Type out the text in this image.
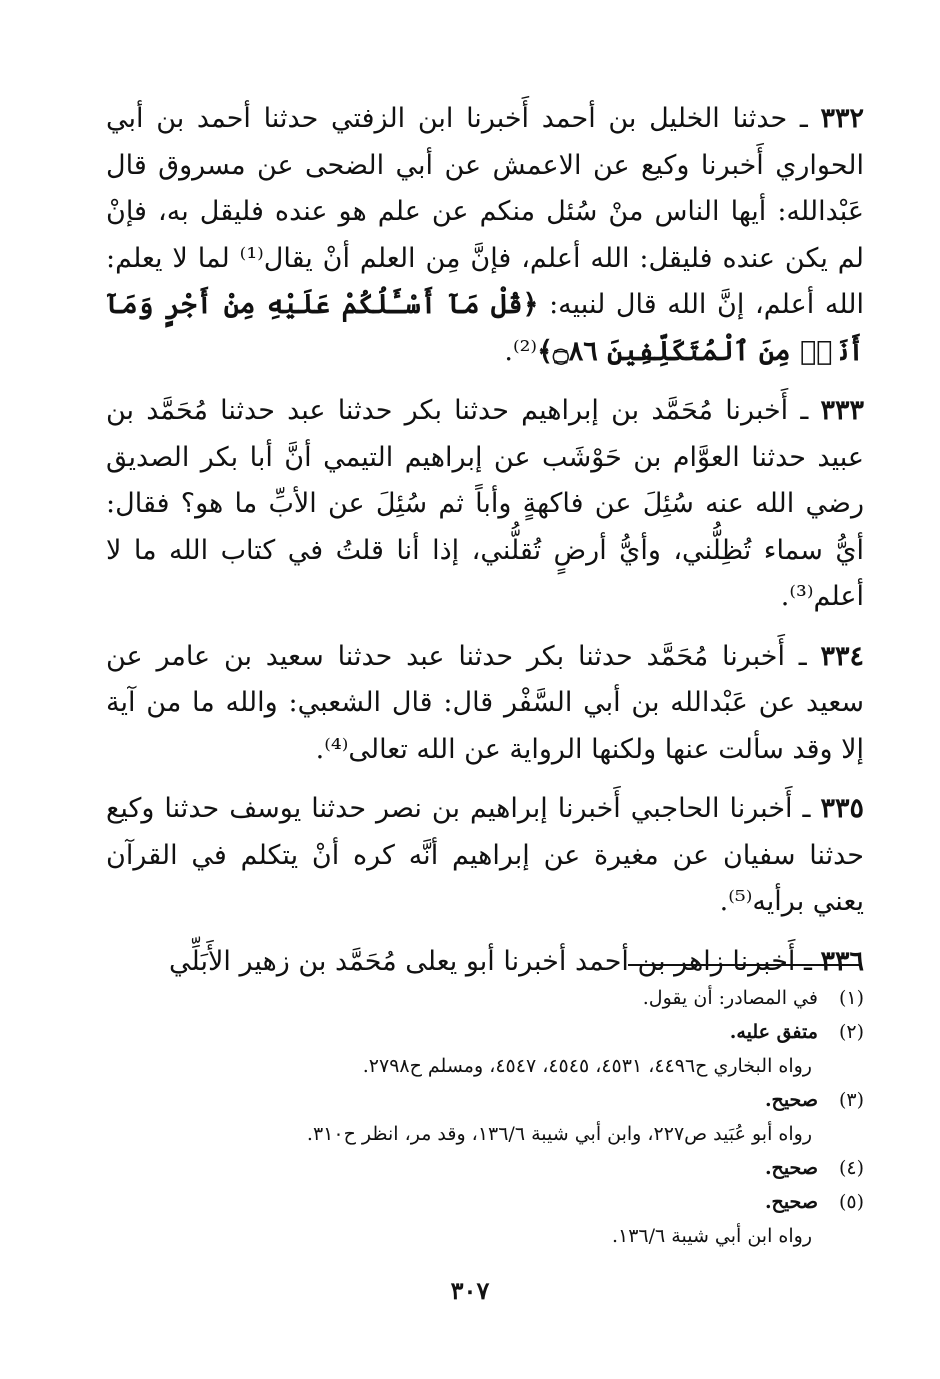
٣٣٢ ـ حدثنا الخليل بن أحمد أَخبرنا ابن الزفتي حدثنا أحمد بن أبي الحواري أَخبرنا وكيع عن الاعمش عن أبي الضحى عن مسروق قال عَبْدالله: أيها الناس منْ سُئل منكم عن علم هو عنده فليقل به، فإنْ لم يكن عنده فليقل: الله أعلم، فإنَّ مِن العلم أنْ يقال⁽¹⁾ لما لا يعلم: الله أعلم، إنَّ الله قال لنبيه: ﴿قُلْ مَآ أَسْـَٔلُكُمْ عَلَيْهِ مِنْ أَجْرٍ وَمَآ أَنَا۠ مِنَ ٱلْمُتَكَلِّفِينَ ۝٨٦﴾⁽²⁾.

٣٣٣ ـ أَخبرنا مُحَمَّد بن إبراهيم حدثنا بكر حدثنا عبد حدثنا مُحَمَّد بن عبيد حدثنا العوَّام بن حَوْشَب عن إبراهيم التيمي أنَّ أبا بكر الصديق رضي الله عنه سُئِلَ عن فاكهةٍ وأباً ثم سُئِلَ عن الأبِّ ما هو؟ فقال: أيُّ سماء تُظِلُّني، وأيُّ أرضٍ تُقلُّني، إذا أنا قلتُ في كتاب الله ما لا أعلم⁽³⁾.

٣٣٤ ـ أَخبرنا مُحَمَّد حدثنا بكر حدثنا عبد حدثنا سعيد بن عامر عن سعيد عن عَبْدالله بن أبي السَّفْر قال: قال الشعبي: والله ما من آية إلا وقد سألت عنها ولكنها الرواية عن الله تعالى⁽⁴⁾.

٣٣٥ ـ أَخبرنا الحاجبي أَخبرنا إبراهيم بن نصر حدثنا يوسف حدثنا وكيع حدثنا سفيان عن مغيرة عن إبراهيم أنَّه كره أنْ يتكلم في القرآن يعني برأيه⁽⁵⁾.

٣٣٦ ـ أَخبرنا زاهر بن أحمد أخبرنا أبو يعلى مُحَمَّد بن زهير الأَبَلِّي

(١) في المصادر: أن يقول.
(٢) متفق عليه.
رواه البخاري ح٤٤٩٦، ٤٥٣١، ٤٥٤٥، ٤٥٤٧، ومسلم ح٢٧٩٨.
(٣) صحيح.
رواه أبو عُبَيد ص٢٢٧، وابن أبي شيبة ١٣٦/٦، وقد مر، انظر ح٣١٠.
(٤) صحيح.
(٥) صحيح.
رواه ابن أبي شيبة ١٣٦/٦.
٣٠٧
